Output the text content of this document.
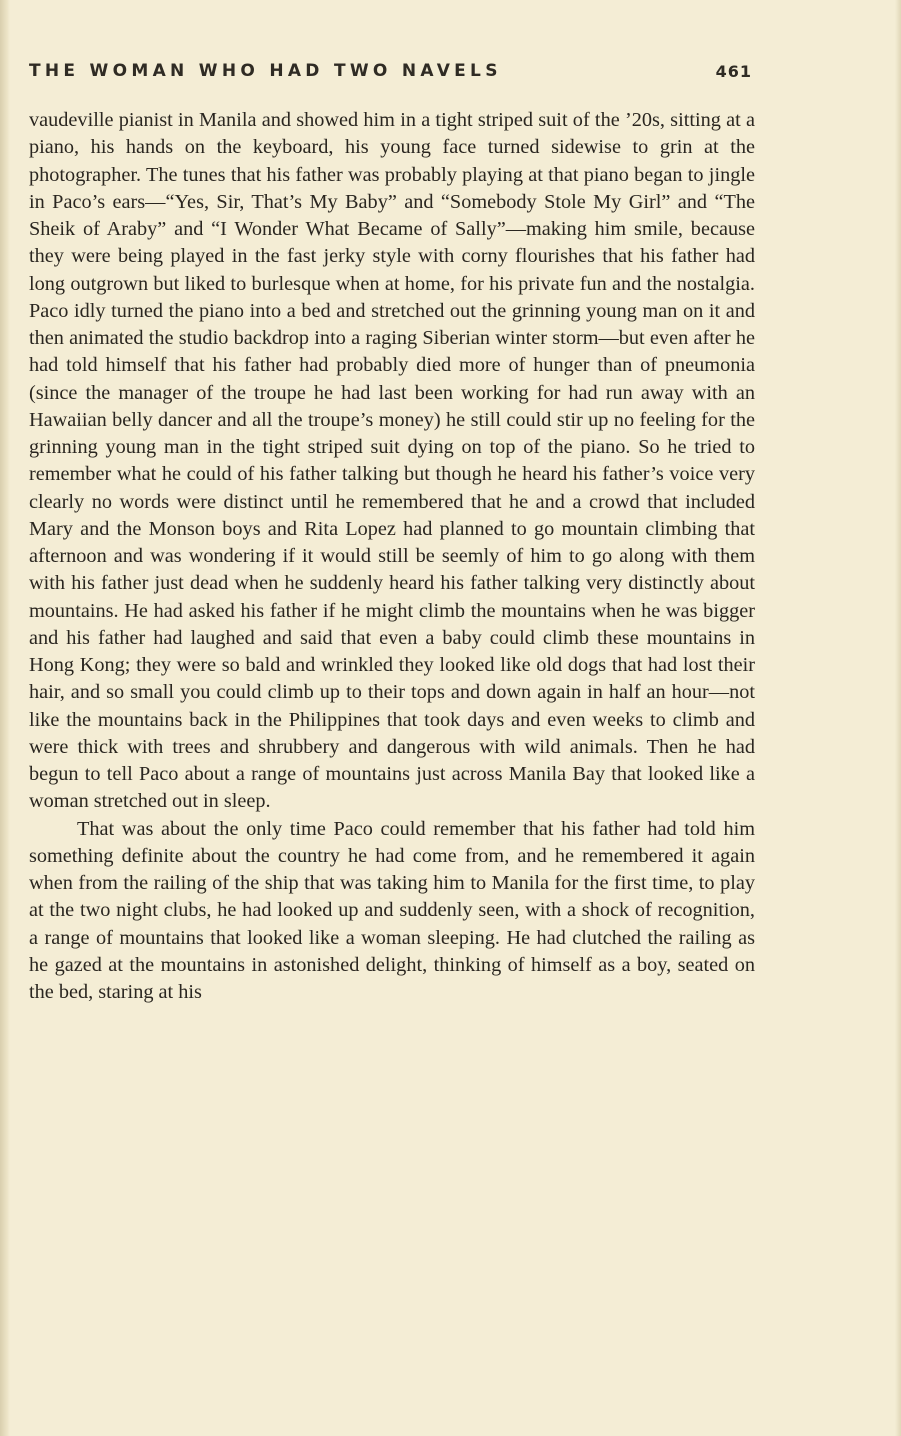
THE WOMAN WHO HAD TWO NAVELS	461

vaudeville pianist in Manila and showed him in a tight striped suit of the ’20s, sitting at a piano, his hands on the keyboard, his young face turned sidewise to grin at the photographer. The tunes that his father was probably playing at that piano began to jingle in Paco’s ears—“Yes, Sir, That’s My Baby” and “Somebody Stole My Girl” and “The Sheik of Araby” and “I Wonder What Became of Sally”—making him smile, because they were being played in the fast jerky style with corny flourishes that his father had long outgrown but liked to burlesque when at home, for his private fun and the nostalgia. Paco idly turned the piano into a bed and stretched out the grinning young man on it and then animated the studio backdrop into a raging Siberian winter storm—but even after he had told himself that his father had probably died more of hunger than of pneumonia (since the manager of the troupe he had last been working for had run away with an Hawaiian belly dancer and all the troupe’s money) he still could stir up no feeling for the grinning young man in the tight striped suit dying on top of the piano. So he tried to remember what he could of his father talking but though he heard his father’s voice very clearly no words were distinct until he remembered that he and a crowd that included Mary and the Monson boys and Rita Lopez had planned to go mountain climbing that afternoon and was wondering if it would still be seemly of him to go along with them with his father just dead when he suddenly heard his father talking very distinctly about mountains. He had asked his father if he might climb the mountains when he was bigger and his father had laughed and said that even a baby could climb these mountains in Hong Kong; they were so bald and wrinkled they looked like old dogs that had lost their hair, and so small you could climb up to their tops and down again in half an hour—not like the mountains back in the Philippines that took days and even weeks to climb and were thick with trees and shrubbery and dangerous with wild animals. Then he had begun to tell Paco about a range of mountains just across Manila Bay that looked like a woman stretched out in sleep.

That was about the only time Paco could remember that his father had told him something definite about the country he had come from, and he remembered it again when from the railing of the ship that was taking him to Manila for the first time, to play at the two night clubs, he had looked up and suddenly seen, with a shock of recognition, a range of mountains that looked like a woman sleeping. He had clutched the railing as he gazed at the mountains in astonished delight, thinking of himself as a boy, seated on the bed, staring at his
